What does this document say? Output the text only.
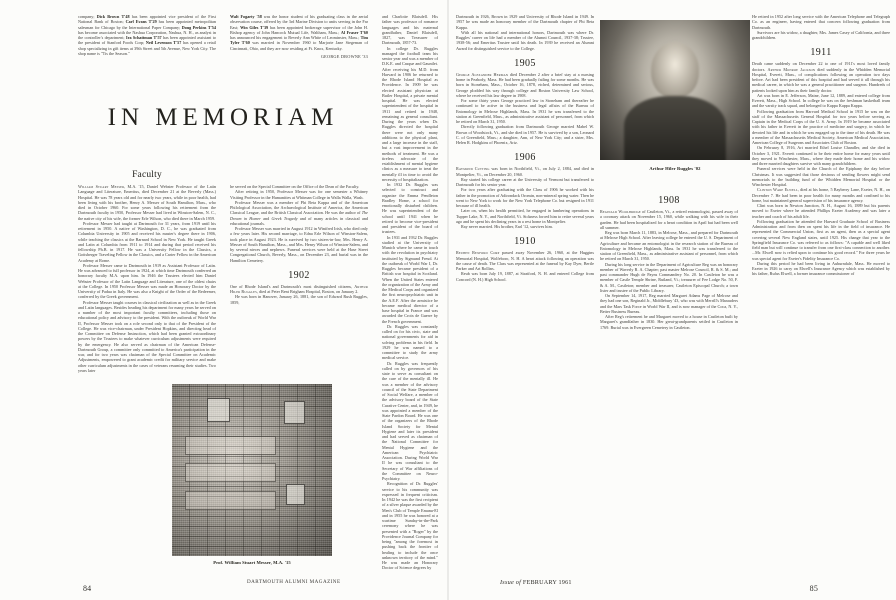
company; Dick Brown T'48 has been appointed vice president of the First National Bank of Boston; Carl Evans T'29 has been appointed metropolitan salesman for Chicago by the International Paper Company; Doug Perkins T'54 has become associated with the Nashua Corporation, Nashua, N. H., as analyst in the controller's department; Ira Schattman T'57 has been appointed assistant to the president of Stanford Foods Corp; Neil Levenson T'57 has opened a retail shop specializing in gift items at 39th Street and 5th Avenue, New York City. The shop name is "Tis the Season."

Walt Fogarty '58 was the honor student of his graduating class in the aerial observation course, offered by the 3rd Marine Division to units serving in the Far East; Win Giles T'39 has been appointed brokerage supervisor of the John H. Bishop agency of John Hancock Mutual Life, Waltham, Mass.; Al Fraser T'60 has announced his engagement to Beverly Ann White of Leominster, Mass.; Tim Tyler T'60 was married in November 1960 to Marjorie Jane Stegeman of Cincinnati, Ohio, and they are now residing at Ft. Knox, Kentucky.

GEORGE DROWNE '33
IN MEMORIAM
Faculty

William Stuart Messer, M.A. '15, Daniel Webster Professor of the Latin Language and Literature, Emeritus, died December 21 at the Beverly (Mass.) Hospital. He was 78 years old and for nearly two years, while in poor health, had been living with his brother, Henry A. Messer of South Hamilton, Mass., who died in October 1960. For some years following his retirement from the Dartmouth faculty in 1950, Professor Messer had lived in Winston-Salem, N. C., the native city of his wife, the former Erle Wilson, who died there in March 1959.

Professor Messer had taught at Dartmouth for 31 years, from 1919 until his retirement in 1950. A native of Washington, D. C., he was graduated from Columbia University in 1905 and received his master's degree there in 1906, while teaching the classics at the Barnard School in New York. He taught Greek and Latin at Columbia from 1911 to 1914 and during that period received his fellowship Ph.B. in 1917. He was a University Fellow in the Classics, a Gottsberger Traveling Fellow in the Classics, and a Carter Fellow in the American Academy at Rome.

Professor Messer came to Dartmouth in 1919 as Assistant Professor of Latin. He was advanced to full professor in 1924, at which time Dartmouth conferred an honorary faculty M.A. upon him. In 1946 the Trustees elected him Daniel Webster Professor of the Latin Language and Literature, one of the oldest chairs at the College. In 1950 Professor Messer was made an Honorary Doctor by the University of Padua in Italy. He was also a Knight of the Order of the Redeemer, conferred by the Greek government.

Professor Messer taught courses in classical civilization as well as in the Greek and Latin languages. Besides heading his department for many years he served on a number of the most important faculty committees, including those on educational policy and advisory to the president. With the outbreak of World War II, Professor Messer took on a role second only to that of the President of the College. He was vice-chairman, under President Hopkins, and directing head of the Committee on Defense Instruction, which had been granted extraordinary powers by the Trustees to make whatever curriculum adjustments were required by the emergency. He also served as chairman of the American Defense-Dartmouth Group, a committee only committed to America's participation in the war, and for two years was chairman of the Special Committee on Academic Adjustments, empowered to grant academic credit for military service and make other curriculum adjustments in the cases of veterans resuming their studies. Two years later

he served on the Special Committee on the Office of the Dean of the Faculty.

After retiring in 1950, Professor Messer was for one semester a Whitney Visiting Professor in the Humanities at Whitman College in Walla Walla, Wash.

Professor Messer was a member of Phi Beta Kappa and of the American Philological Association, the Archaeological Institute of America, the American Classical League, and the British Classical Association. He was the author of The Dream in Homer and Greek Tragedy and of many articles in classical and educational journals.

Professor Messer was married in August 1912 in Winifred Irish, who died only a few years later. His second marriage, to Edna Erle Wilson of Winston-Salem, took place in August 1923. He is survived by two sisters-in-law, Mrs. Henry A. Messer of South Hamilton, Mass., and Mrs. Henry Wilson of Winston-Salem, and by several nieces and nephews. Funeral services were held at the Hase Street Congregational Church, Beverly, Mass., on December 23, and burial was in the Hamilton Cemetery.

1902

One of Rhode Island's and Dartmouth's most distinguished citizens, Arthur Hiler Ruggles, died at Peter Bent Brigham Hospital, Boston, on January 2.

He was born in Hanover, January 26, 1881, the son of Edward Rush Ruggles, 1859,

Prof. William Stuart Messer, M.A. '15

and Charlotte Blaisdell. His father was professor of romance languages and his maternal grandfather, Daniel Blaisdell, 1827, was Treasurer of Dartmouth, 1857-73.

In college Dr. Ruggles managed the football team his senior year and was a member of D.K.E. and Casque and Gauntlet. After receiving his M.D. from Harvard in 1906 he returned to the Rhode Island Hospital as Providence. In 1909 he was elected assistant physician at Butler Hospital, a private mental hospital. He was elected superintendent of the hospital in 1911 and retired in 1948, remaining as general consultant. During the years when Dr. Ruggles directed the hospital there were not only many additions to the physical plant, and a large increase in the staff, but a vast improvement in the methods of treatment. He was a tireless advocate of the establishment of mental hygiene clinics as a measure to treat the mentally ill in time to avoid the necessity of hospitalization.

In 1932 Dr. Ruggles was selected to construct and organize the Emma Pendleton Bradley Home, a school for emotionally disturbed children. He was superintendent of the school until 1941 when he retired to become vice-president and president of the board of trustees.

In 1931 and 1932 Dr. Ruggles studied at the University of Munich where he came in touch with the revolution in psychiatry instituted by Sigmund Freud. At the outbreak of World War I, Dr. Ruggles became president of a British war hospital in Scotland. When the United States entered the organization of the Army and the Medical Corps and organized the first neuropsychiatric unit in the A.E.F. After the armistice he became medical director of a base hospital in France and was awarded the Croix de Guerre by the French government.

Dr. Ruggles was constantly called on for his civic, state and national governments for aid in solving problems in his field. In 1929 he was named to a committee to study the army medical service.

Dr. Ruggles was frequently called on by governors of his state to serve as consultant on the care of the mentally ill. He was a member of the advisory council of the State Department of Social Welfare, a member of the advisory board of the State Curative Center, and, in 1949, he was appointed a member of the State Pardon Board. He was one of the organizers of the Rhode Island Society for Mental Hygiene and later its president and had served as chairman of the National Committee for Mental Hygiene and the American Psychiatric Association. During World War II he was consultant to the Secretary of War affiliations of the Committee on Neuro-Psychiatry.

Recognition of Dr. Ruggles' service to his community was expressed in frequent criticism. In 1942 he was the first recipient of a silver plaque awarded by the Men's Club of Temple Emanu-El and in 1955 he was honored at a wartime Sunday-in-the-Park ceremony where he was presented with a "Roger" by the Providence Journal Company for being "among the foremost in pushing back the frontier of healing to include the once unknown territory of the mind." He was made an Honorary Doctor of Science degrees by

Arthur Hiler Ruggles '02

Dartmouth in 1926, Brown in 1929 and University of Rhode Island in 1949. In 1957 he was made an honorary member of the Dartmouth chapter of Phi Beta Kappa.

With all his national and international honors, Dartmouth was where Dr. Ruggles' career on life had a member of the Alumni Council, 1937-38; Trustee, 1938-56; and Emeritus Trustee until his death. In 1939 he received an Alumni Award for distinguished service to the College.

1905

George Alexander Herman died December 2 after a brief stay at a nursing home in Peabody, Mass. He had been gradually failing for some months. He was born in Stoneham, Mass., October 16, 1878, etched, determined and serious, George plodded his way through college and Boston University Law School, where he received his law degree in 1908.

For some thirty years George practiced law in Stoneham and thereafter he continued to be active in the business and legal affairs of the Bureau of Entomology in Melrose Highlands, Mass. In 1931 he was transferred to the station at Greenfield, Mass., as administrative assistant of personnel, from which he retired on March 31, 1950.

Directly following graduation from Dartmouth George married Mabel W. Brown of Woodstock, Vt., and she died in 1957. He is survived by a son, Leonard C. of Greenfield, Mass.; a daughter, Ann, of New York City; and a sister, Mrs. Helen R. Hodgkins of Phoenix, Ariz.

1906

Raymond Cutting was born in Northfield, Vt., on July 2, 1884, and died in Montpelier, Vt., on December 20, 1960.

Ray started his college career at the University of Vermont but transferred to Dartmouth for his senior year.

For two years after graduating with the Class of 1906 he worked with his father in the promotion of Adirondack Oromin, non-mineral spring water. Then he went to New York to work for the New York Telephone Co. but resigned in 1911 because of ill health.

Later on, when his health permitted, he engaged in lumbering operations in Tupper Lake, N. Y., and Northfield, Vt. Sickness forced him to retire several years ago and he spent his declining years in a rest home in Montpelier.

Ray never married. His brother, Earl '12, survives him.

1910

Reuben Rexford Corp passed away November 26, 1960, at the Huggins Memorial Hospital, Wolfeboro, N. H. A heart attack following an operation was the cause of death. The Class was represented at the funeral by Kay Dyer, Bertle Parker and Art Rollins.

Reub was born July 19, 1887, at Stratford, N. H. and entered College from Concord (N. H.) High School.

1908

Reginald Woolbridge of Castleton, Vt., a retired entomologist, passed away of a coronary attack on November 15, 1960, while walking with his wife in their garden. He had been hospitalized for a heart condition in April but had been well all summer.

Reg was born March 11, 1883, in Melrose, Mass., and prepared for Dartmouth at Melrose High School. After leaving college he entered the U. S. Department of Agriculture and became an entomologist in the research station of the Bureau of Entomology in Melrose Highlands, Mass. In 1931 he was transferred to the station of Greenfield, Mass., as administrative assistant of personnel, from which he retired on March 31, 1950.

During his long service in the Department of Agriculture Reg was an honorary member of Waverly R. A. Chapter; past master Melrose Council, R. & S. M.; and past commander Hugh de Payns Commandery No. 20. In Castleton he was a member of Castle Temple Shrine, Rutland, Vt.; treasurer of Fee Lodge No. 50, F. & A. M., Castleton; member and treasurer, Castleton Episcopal Church; a town lister and trustee of the Public Library.

On September 14, 1917, Reg married Margaret Adams Page of Melrose and they had one son, Reginald Jr., Middlebury '43, who was with Merrill's Marauders and the Mars Task Force in World War II, and is now manager of the Coca, N. Y., Better Business Bureau.

After Reg's retirement he and Margaret moved to a house in Castleton built by Margaret's grandfather in 1830. Her great-grandparents settled in Castleton in 1769. Burial was in Evergreen Cemetery in Castleton.

He retired in 1952 after long service with the American Telephone and Telegraph Co. as an engineer, having entered that concern following graduation from Dartmouth.

Survivors are his widow, a daughter, Mrs. James Casey of California, and three grandchildren.

1911

Death came suddenly on December 22 to one of 1911's most loved family doctors. Arthur Monroe Jackson died suddenly in the Whidden Memorial Hospital, Everett, Mass., of complications following an operation two days before. Art had been president of this hospital and had served it all through his medical career, in which he was a general practitioner and surgeon. Hundreds of patients looked upon him as their family doctor.

Art was born in E. Jefferson, Maine, June 12, 1889, and entered college from Everett, Mass., High School. In college he was on the freshman basketball team and the varsity track squad, and belonged to Kappa Kappa Kappa.

Following graduation from Harvard Medical School in 1915 he was on the staff of the Massachusetts General Hospital for two years before serving as Captain in the Medical Corps of the U. S. Army. In 1919 he became associated with his father in Everett in the practice of medicine and surgery, in which he devoted his life and in which he was engaged up to the time of his death. He was a member of the Massachusetts Medical Society, American Medical Association, American College of Surgeons and Associates Club of Boston.

On February 8, 1916, Art married Ethel Louise Chandler, and she died in October 3, 1921. Everett continued to be their entire home for many years until they moved to Winchester, Mass., where they made their home and his widow and three married daughters survive with many grandchildren.

Funeral services were held in the Church of the Epiphany the day before Christmas. It was suggested that those desirous of sending flowers might send memorials to the building fund of the Whidden Memorial Hospital or the Winchester Hospital.

Clinton Ware Elwell, died at his home, 5 Bayberry Lane, Exeter, N. H., on December 7. He had been in poor health for many months and confined to his home, but maintained general supervision of his insurance agency.

Clint was born in Newton Junction, N. H., August 16, 1889 but his parents moved to Exeter where he attended Phillips Exeter Academy and was later a teacher and coach of his adult life.

Following graduation he attended the Harvard Graduate School of Business Administration and from then on spent his life in the field of insurance. He represented the Commercial Union, first as an agent, then as a special agent covering several New England states, until 1925. His change that year to the Springfield Insurance Co. was referred to as follows: "A capable and well liked field man but will continue to transfer from one first-class connection to another. ...Mr. Elwell now is relied upon to continue his good record." For three years he was special agent for Exeter's Fidelity Insurance Co.

During this period he had been living in Auburndale, Mass. He moved to Exeter in 1926 to carry on Elwell's Insurance Agency which was established by his father, Rufus Elwell, a former insurance commissioner of

DARTMOUTH ALUMNI MAGAZINE	Issue of FEBRUARY 1961
84	85
